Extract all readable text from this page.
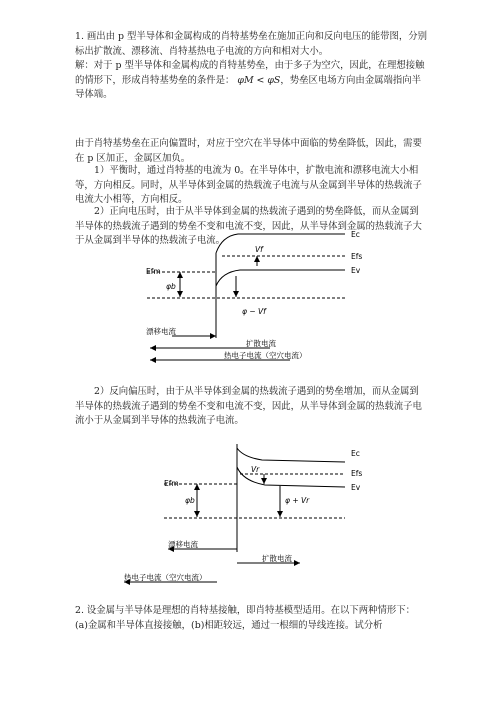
1. 画出由 p 型半导体和金属构成的肖特基势垒在施加正向和反向电压的能带图，分别标出扩散流、漂移流、肖特基热电子电流的方向和相对大小。
解：对于 p 型半导体和金属构成的肖特基势垒，由于多子为空穴，因此，在理想接触的情形下，形成肖特基势垒的条件是： φM < φS，势垒区电场方向由金属端指向半导体端。
由于肖特基势垒在正向偏置时，对应于空穴在半导体中面临的势垒降低，因此，需要在 p 区加正，金属区加负。
1）平衡时，通过肖特基的电流为 0。在半导体中，扩散电流和漂移电流大小相等，方向相反。同时，从半导体到金属的热载流子电流与从金属到半导体的热载流子电流大小相等，方向相反。
2）正向电压时，由于从半导体到金属的热载流子遇到的势垒降低，而从金属到半导体的热载流子遇到的势垒不变和电流不变，因此，从半导体到金属的热载流子大于从金属到半导体的热载流子电流。
Ec
Efm
Efs
Ev
Vf
φb
φ − Vf
漂移电流
扩散电流
热电子电流（空穴电流）
2）反向偏压时，由于从半导体到金属的热载流子遇到的势垒增加，而从金属到半导体的热载流子遇到的势垒不变和电流不变，因此，从半导体到金属的热载流子电流小于从金属到半导体的热载流子电流。
Ec
Efm
Efs
Ev
Vr
φb	φ + Vr
漂移电流
扩散电流
热电子电流（空穴电流）
2. 设金属与半导体是理想的肖特基接触，即肖特基模型适用。在以下两种情形下：(a)金属和半导体直接接触，(b)相距较远，通过一根细的导线连接。试分析
